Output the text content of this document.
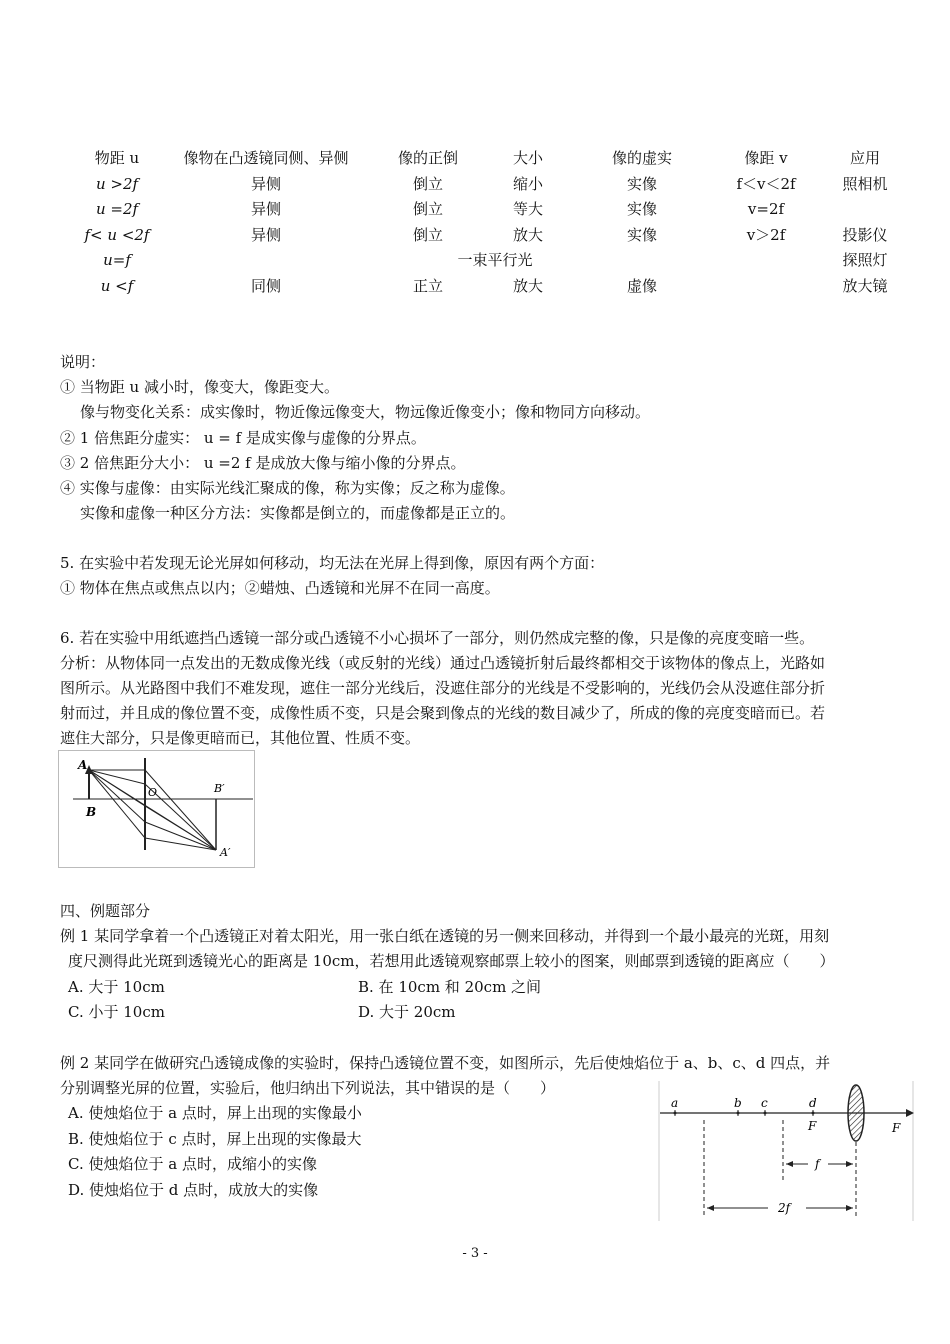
物距 u	像物在凸透镜同侧、异侧	像的正倒	大小	像的虚实	像距 v	应用
u >2f	异侧	倒立	缩小	实像	f＜v＜2f	照相机
u =2f	异侧	倒立	等大	实像	v=2f
f< u <2f	异侧	倒立	放大	实像	v＞2f	投影仪
u=f	一束平行光	探照灯
u <f	同侧	正立	放大	虚像	放大镜
说明：
① 当物距 u 减小时，像变大，像距变大。
像与物变化关系：成实像时，物近像远像变大，物远像近像变小；像和物同方向移动。
② 1 倍焦距分虚实： u = f 是成实像与虚像的分界点。
③ 2 倍焦距分大小： u =2 f 是成放大像与缩小像的分界点。
④ 实像与虚像：由实际光线汇聚成的像，称为实像；反之称为虚像。
实像和虚像一种区分方法：实像都是倒立的，而虚像都是正立的。
5. 在实验中若发现无论光屏如何移动，均无法在光屏上得到像，原因有两个方面：
① 物体在焦点或焦点以内；②蜡烛、凸透镜和光屏不在同一高度。
6. 若在实验中用纸遮挡凸透镜一部分或凸透镜不小心损坏了一部分，则仍然成完整的像，只是像的亮度变暗一些。
分析：从物体同一点发出的无数成像光线（或反射的光线）通过凸透镜折射后最终都相交于该物体的像点上，光路如
图所示。从光路图中我们不难发现，遮住一部分光线后，没遮住部分的光线是不受影响的，光线仍会从没遮住部分折
射而过，并且成的像位置不变，成像性质不变，只是会聚到像点的光线的数目减少了，所成的像的亮度变暗而已。若
遮住大部分，只是像更暗而已，其他位置、性质不变。
A
B
O	B′
A′
四、例题部分
例 1 某同学拿着一个凸透镜正对着太阳光，用一张白纸在透镜的另一侧来回移动，并得到一个最小最亮的光斑，用刻
度尺测得此光斑到透镜光心的距离是 10cm，若想用此透镜观察邮票上较小的图案，则邮票到透镜的距离应（　　）
A. 大于 10cm	B. 在 10cm 和 20cm 之间
C. 小于 10cm	D. 大于 20cm
例 2 某同学在做研究凸透镜成像的实验时，保持凸透镜位置不变，如图所示，先后使烛焰位于 a、b、c、d 四点，并
分别调整光屏的位置，实验后，他归纳出下列说法，其中错误的是（　　）
A. 使烛焰位于 a 点时，屏上出现的实像最小
B. 使烛焰位于 c 点时，屏上出现的实像最大
C. 使烛焰位于 a 点时，成缩小的实像
D. 使烛焰位于 d 点时，成放大的实像
a	b c	d
F	F
f
2f
- 3 -
